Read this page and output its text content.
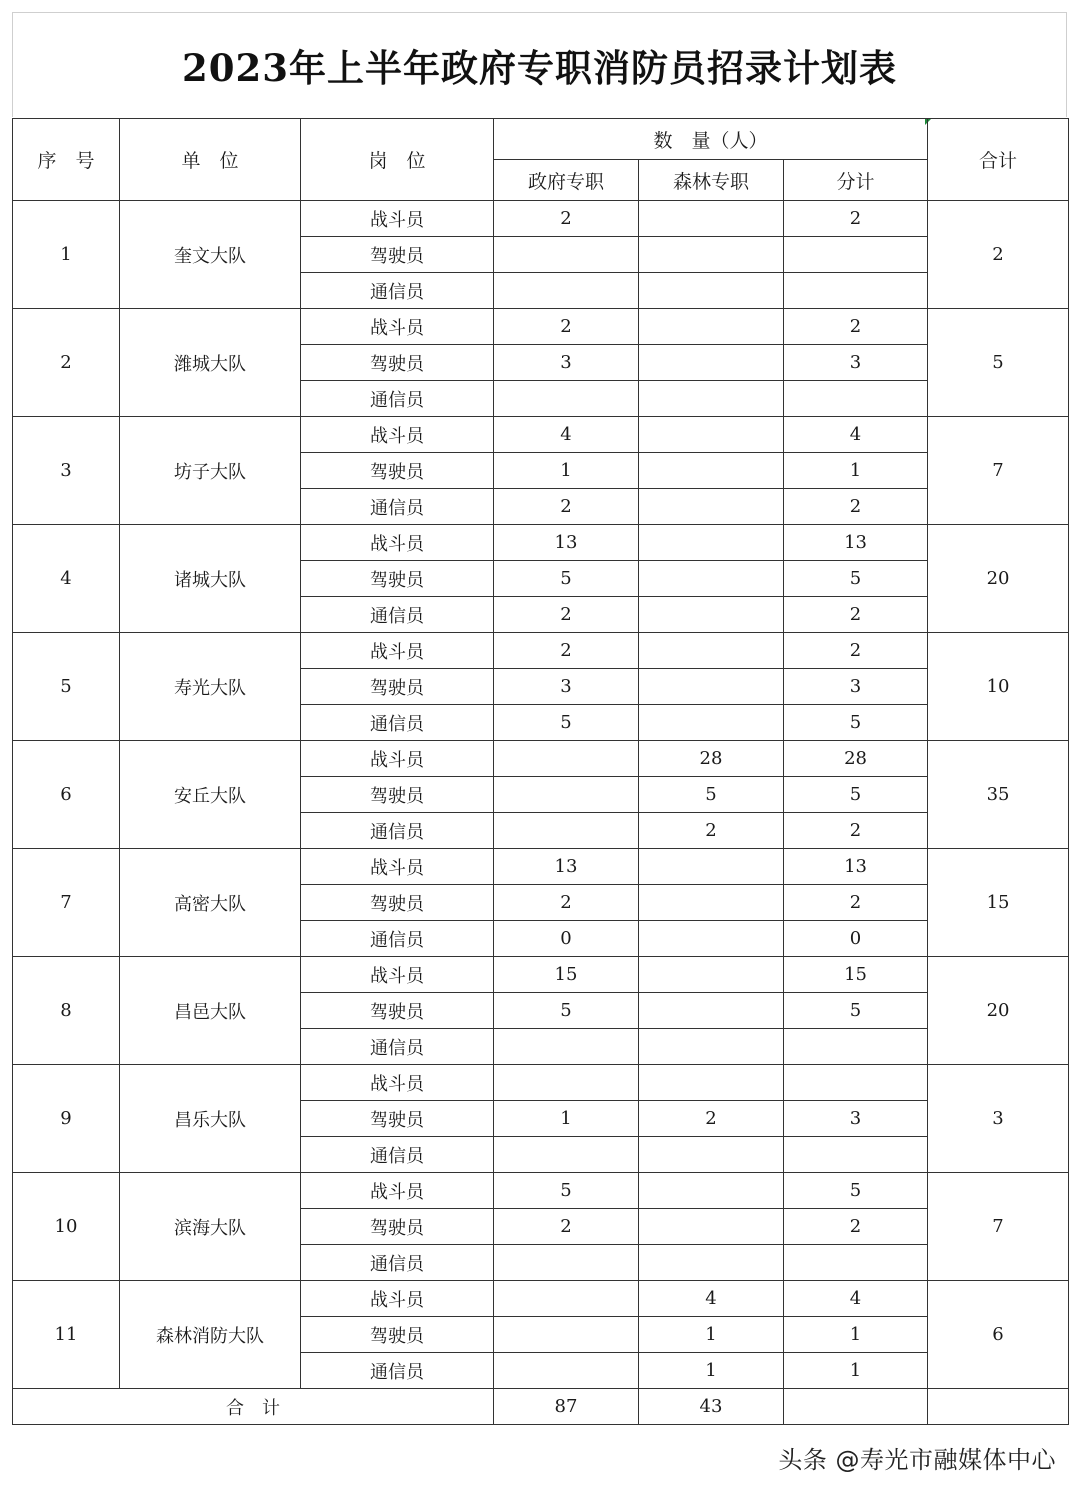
2023年上半年政府专职消防员招录计划表
序　号	单　位	岗　位	数　量（人）			合计
			政府专职	森林专职	分计	
1	奎文大队	战斗员	2		2	2
		驾驶员				
		通信员				
2	潍城大队	战斗员	2		2	5
		驾驶员	3		3	
		通信员				
3	坊子大队	战斗员	4		4	7
		驾驶员	1		1	
		通信员	2		2	
4	诸城大队	战斗员	13		13	20
		驾驶员	5		5	
		通信员	2		2	
5	寿光大队	战斗员	2		2	10
		驾驶员	3		3	
		通信员	5		5	
6	安丘大队	战斗员		28	28	35
		驾驶员		5	5	
		通信员		2	2	
7	高密大队	战斗员	13		13	15
		驾驶员	2		2	
		通信员	0		0	
8	昌邑大队	战斗员	15		15	20
		驾驶员	5		5	
		通信员				
9	昌乐大队	战斗员				3
		驾驶员	1	2	3	
		通信员				
10	滨海大队	战斗员	5		5	7
		驾驶员	2		2	
		通信员				
11	森林消防大队	战斗员		4	4	6
		驾驶员		1	1	
		通信员		1	1	
合　计			87	43		
头条 @寿光市融媒体中心
